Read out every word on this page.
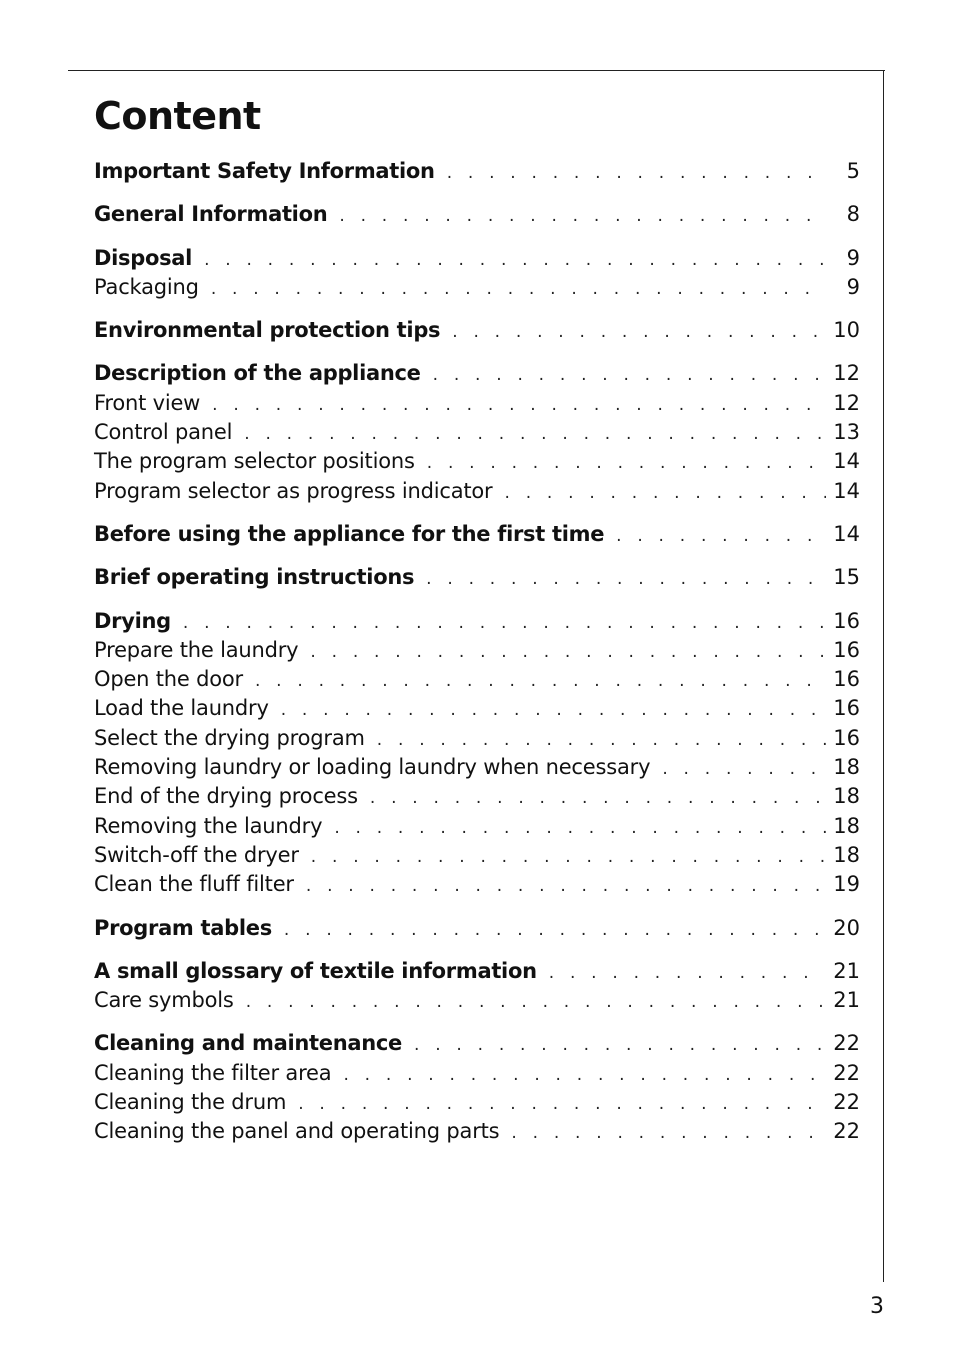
Content
Important Safety Information . . .	5
General Information . . .	8
Disposal . . .	9
Packaging . . .	9
Environmental protection tips . . .	10
Description of the appliance . . .	12
Front view . . .	12
Control panel . . .	13
The program selector positions . . .	14
Program selector as progress indicator . . .	14
Before using the appliance for the first time . . .	14
Brief operating instructions . . .	15
Drying . . .	16
Prepare the laundry . . .	16
Open the door . . .	16
Load the laundry . . .	16
Select the drying program . . .	16
Removing laundry or loading laundry when necessary . . .	18
End of the drying process . . .	18
Removing the laundry . . .	18
Switch-off the dryer . . .	18
Clean the fluff filter . . .	19
Program tables . . .	20
A small glossary of textile information . . .	21
Care symbols . . .	21
Cleaning and maintenance . . .	22
Cleaning the filter area . . .	22
Cleaning the drum . . .	22
Cleaning the panel and operating parts . . .	22
3
